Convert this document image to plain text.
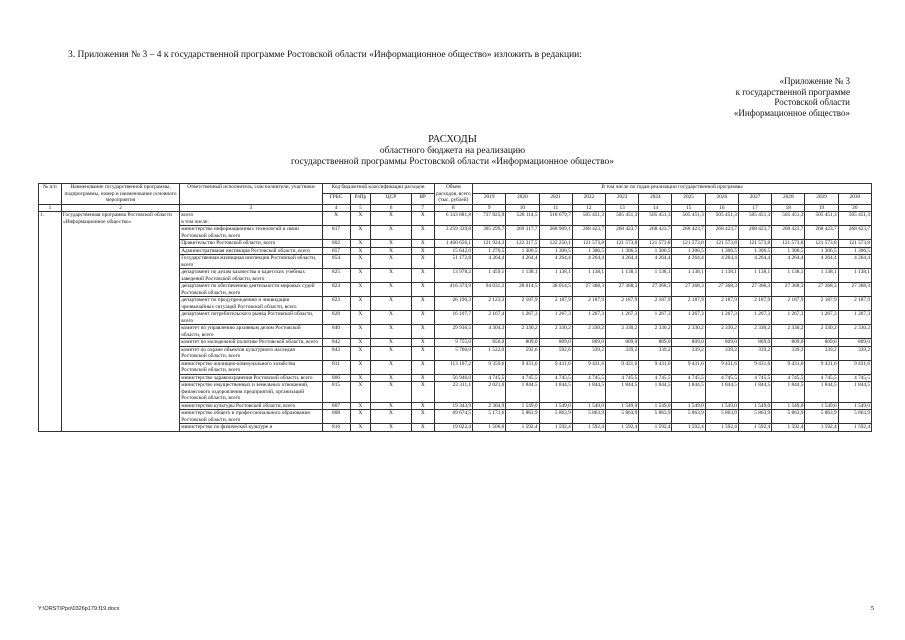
3. Приложения № 3 – 4 к государственной программе Ростовской области «Информационное общество» изложить в редакции:
«Приложение № 3
к государственной программе
Ростовской области
«Информационное общество»
РАСХОДЫ
областного бюджета на реализацию
государственной программы Ростовской области «Информационное общество»
№ п/п	Наименование государственной программы, подпрограммы, номер и наименование основного мероприятия	Ответственный исполнитель, соисполнители, участники	Код бюджетной классификации расходов				Объем расходов, всего (тыс. рублей)	В том числе по годам реализации государственной программы											
			ГРБС	РзПр	ЦСР	ВР		2019	2020	2021	2022	2023	2024	2025	2026	2027	2028	2029	2030
1	2	3	4	5	6	7	8	9	10	11	12	13	14	15	16	17	18	19	20
1.	Государственная программа Ростовской области «Информационное общество»	всего
в том числе:	X	X	X	X	6 333 681,8	737 825,9	528 114,5	518 679,7	505 451,3	505 451,3	505 451,3	505 451,3	505 451,3	505 451,3	505 451,3	505 451,3	505 451,3

		министерство информационных технологий и связи Ростовской области, всего	817	X	X	X	3 259 339,8	305 299,7	269 317,7	268 909,1	268 423,7	268 423,7	268 423,7	268 423,7	268 423,7	268 423,7	268 423,7	268 423,7	268 423,7

		Правительство Ростовской области, всего	802	X	X	X	1 460 656,1	121 924,3	122 317,5	122 250,1	121 573,8	121 573,8	121 573,8	121 573,8	121 573,8	121 573,8	121 573,8	121 573,8	121 573,8

		Административная инспекция Ростовской области, всего	857	X	X	X	15 642,0	1 270,5	1 306,5	1 306,5	1 306,5	1 306,5	1 306,5	1 306,5	1 306,5	1 306,5	1 306,5	1 306,5	1 306,5

		Государственная жилищная инспекция Ростовской области, всего	854	X	X	X	51 172,8	4 264,4	4 264,4	4 264,4	4 264,4	4 264,4	4 264,4	4 264,4	4 264,4	4 264,4	4 264,4	4 264,4	4 264,4

		департамент по делам казачества и кадетских учебных заведений Ростовской области, всего	825	X	X	X	13 978,2	1 459,1	1 138,1	1 138,1	1 138,1	1 138,1	1 138,1	1 138,1	1 138,1	1 138,1	1 138,1	1 138,1	1 138,1

		департамент по обеспечению деятельности мировых судей Ростовской области, всего	824	X	X	X	416 374,9	94 031,2	28 014,5	38 014,5	27 368,3	27 368,3	27 368,3	27 368,3	27 368,3	27 368,3	27 368,3	27 368,3	27 368,3

		департамент по предупреждению и ликвидации чрезвычайных ситуаций Ростовской области, всего	823	X	X	X	26 190,3	2 123,3	2 187,9	2 187,9	2 187,9	2 187,9	2 187,9	2 187,9	2 187,9	2 187,9	2 187,9	2 187,9	2 187,9

		департамент потребительского рынка Ростовской области, всего	828	X	X	X	16 107,7	2 167,4	1 267,3	1 267,3	1 267,3	1 267,3	1 267,3	1 267,3	1 267,3	1 267,3	1 267,3	1 267,3	1 267,3

		комитет по управлению архивным делом Ростовской области, всего	840	X	X	X	29 936,5	4 304,3	2 330,2	2 330,2	2 330,2	2 330,2	2 330,2	2 330,2	2 330,2	2 330,2	2 330,2	2 330,2	2 330,2

		комитет по молодежной политике Ростовской области, всего	842	X	X	X	9 755,0	856,0	809,0	809,0	809,0	809,0	809,0	809,0	809,0	809,0	809,0	809,0	809,0

		комитет по охране объектов культурного наследия Ростовской области, всего	843	X	X	X	5 760,0	1 522,0	592,6	592,6	339,2	339,2	339,2	339,2	339,2	339,2	339,2	339,2	339,2

		министерство жилищно-коммунального хозяйства Ростовской области, всего	811	X	X	X	113 107,2	9 359,6	9 431,6	9 431,6	9 431,6	9 431,6	9 431,6	9 431,6	9 431,6	9 431,6	9 431,6	9 431,6	9 431,6

		министерство здравоохранения Ростовской области, всего	806	X	X	X	56 946,0	4 745,5	4 745,5	4 745,5	4 745,5	4 745,5	4 745,5	4 745,5	4 745,5	4 745,5	4 745,5	4 745,5	4 745,5

		министерство имущественных и земельных отношений, финансового оздоровления предприятий, организаций Ростовской области, всего	815	X	X	X	22 311,1	2 021,6	1 844,5	1 844,5	1 844,5	1 844,5	1 844,5	1 844,5	1 844,5	1 844,5	1 844,5	1 844,5	1 844,5

		министерство культуры Ростовской области, всего	807	X	X	X	19 343,9	2 304,9	1 549,0	1 549,0	1 549,0	1 549,0	1 549,0	1 549,0	1 549,0	1 549,0	1 549,0	1 549,0	1 549,0

		министерство общего и профессионального образования Ростовской области, всего	808	X	X	X	69 674,5	5 171,6	5 863,9	5 863,9	5 863,9	5 863,9	5 863,9	5 863,9	5 863,9	5 863,9	5 863,9	5 863,9	5 863,9

		министерство по физической культуре и	816	X	X	X	19 022,4	1 506,0	1 592,4	1 592,4	1 592,4	1 592,4	1 592,4	1 592,4	1 592,4	1 592,4	1 592,4	1 592,4	1 592,4
Y:\ORST\Ppo\0326p179.f19.docx	5
